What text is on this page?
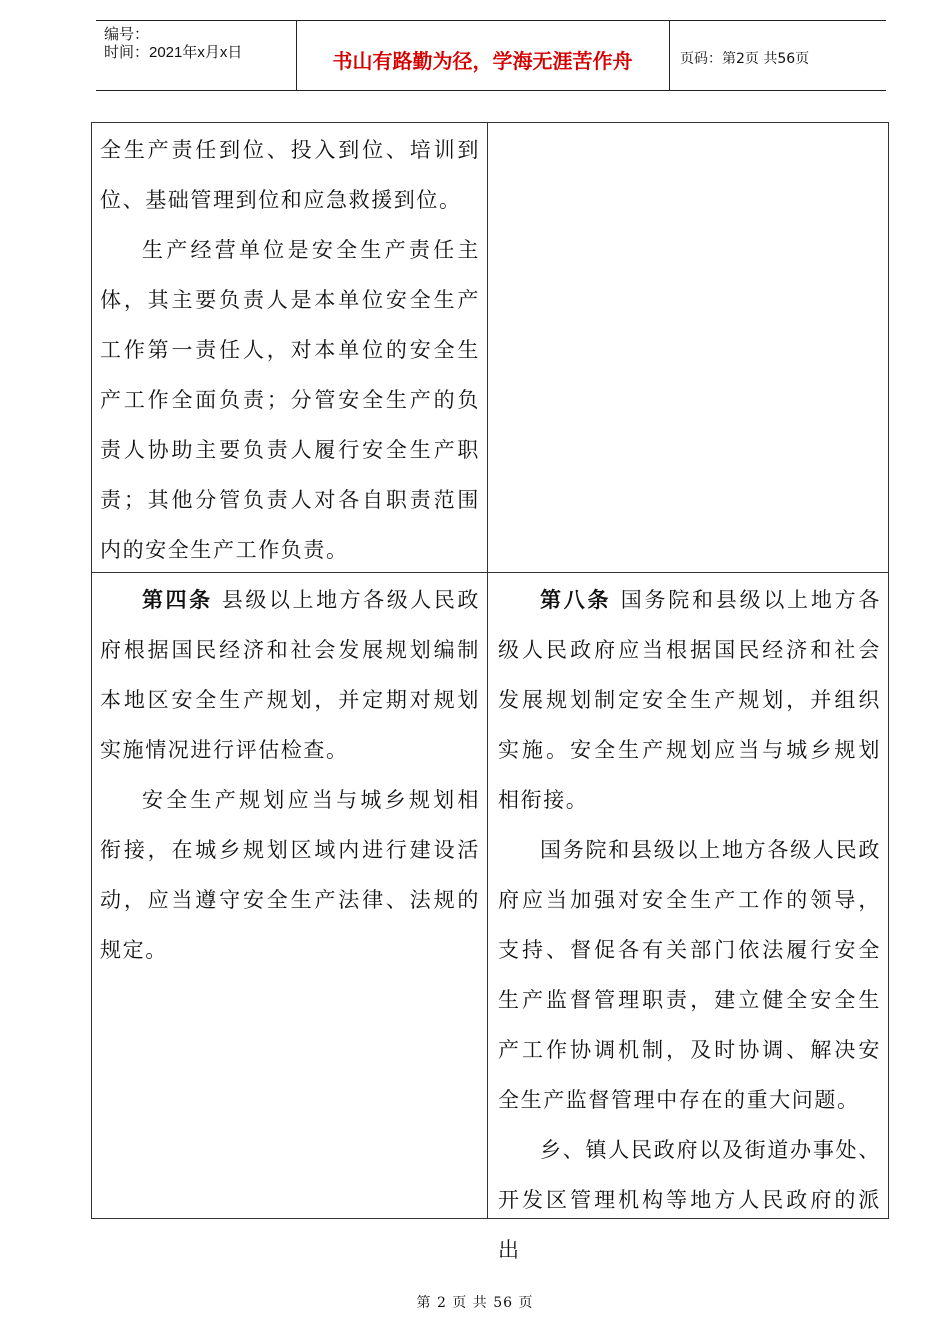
编号：
时间：2021年x月x日	书山有路勤为径，学海无涯苦作舟	页码：第2页 共56页

全生产责任到位、投入到位、培训到位、基础管理到位和应急救援到位。

生产经营单位是安全生产责任主体，其主要负责人是本单位安全生产工作第一责任人，对本单位的安全生产工作全面负责；分管安全生产的负责人协助主要负责人履行安全生产职责；其他分管负责人对各自职责范围内的安全生产工作负责。

第四条 县级以上地方各级人民政府根据国民经济和社会发展规划编制本地区安全生产规划，并定期对规划实施情况进行评估检查。

安全生产规划应当与城乡规划相衔接，在城乡规划区域内进行建设活动，应当遵守安全生产法律、法规的规定。

第八条 国务院和县级以上地方各级人民政府应当根据国民经济和社会发展规划制定安全生产规划，并组织实施。安全生产规划应当与城乡规划相衔接。

国务院和县级以上地方各级人民政府应当加强对安全生产工作的领导，支持、督促各有关部门依法履行安全生产监督管理职责，建立健全安全生产工作协调机制，及时协调、解决安全生产监督管理中存在的重大问题。

乡、镇人民政府以及街道办事处、开发区管理机构等地方人民政府的派出

第 2 页 共 56 页
